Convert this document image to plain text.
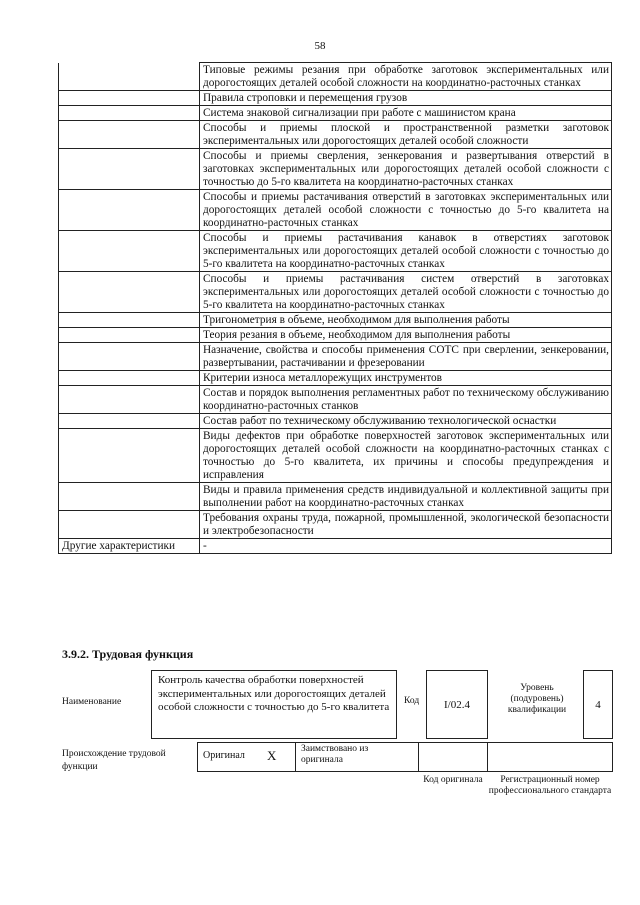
58
	Типовые режимы резания при обработке заготовок экспериментальных или дорогостоящих деталей особой сложности на координатно-расточных станках
	Правила строповки и перемещения грузов
	Система знаковой сигнализации при работе с машинистом крана
	Способы и приемы плоской и пространственной разметки заготовок экспериментальных или дорогостоящих деталей особой сложности
	Способы и приемы сверления, зенкерования и развертывания отверстий в заготовках экспериментальных или дорогостоящих деталей особой сложности с точностью до 5-го квалитета на координатно-расточных станках
	Способы и приемы растачивания отверстий в заготовках экспериментальных или дорогостоящих деталей особой сложности с точностью до 5-го квалитета на координатно-расточных станках
	Способы и приемы растачивания канавок в отверстиях заготовок экспериментальных или дорогостоящих деталей особой сложности с точностью до 5-го квалитета на координатно-расточных станках
	Способы и приемы растачивания систем отверстий в заготовках экспериментальных или дорогостоящих деталей особой сложности с точностью до 5-го квалитета на координатно-расточных станках
	Тригонометрия в объеме, необходимом для выполнения работы
	Теория резания в объеме, необходимом для выполнения работы
	Назначение, свойства и способы применения СОТС при сверлении, зенкеровании, развертывании, растачивании и фрезеровании
	Критерии износа металлорежущих инструментов
	Состав и порядок выполнения регламентных работ по техническому обслуживанию координатно-расточных станков
	Состав работ по техническому обслуживанию технологической оснастки
	Виды дефектов при обработке поверхностей заготовок экспериментальных или дорогостоящих деталей особой сложности на координатно-расточных станках с точностью до 5-го квалитета, их причины и способы предупреждения и исправления
	Виды и правила применения средств индивидуальной и коллективной защиты при выполнении работ на координатно-расточных станках
	Требования охраны труда, пожарной, промышленной, экологической безопасности и электробезопасности
Другие характеристики	-
3.9.2. Трудовая функция
Наименование
Контроль качества обработки поверхностей экспериментальных или дорогостоящих деталей особой сложности с точностью до 5-го квалитета	Код I/02.4
Уровень (подуровень) квалификации	4
Происхождение трудовой функции
Оригинал X	Заимствовано из оригинала
Код оригинала	Регистрационный номер профессионального стандарта
